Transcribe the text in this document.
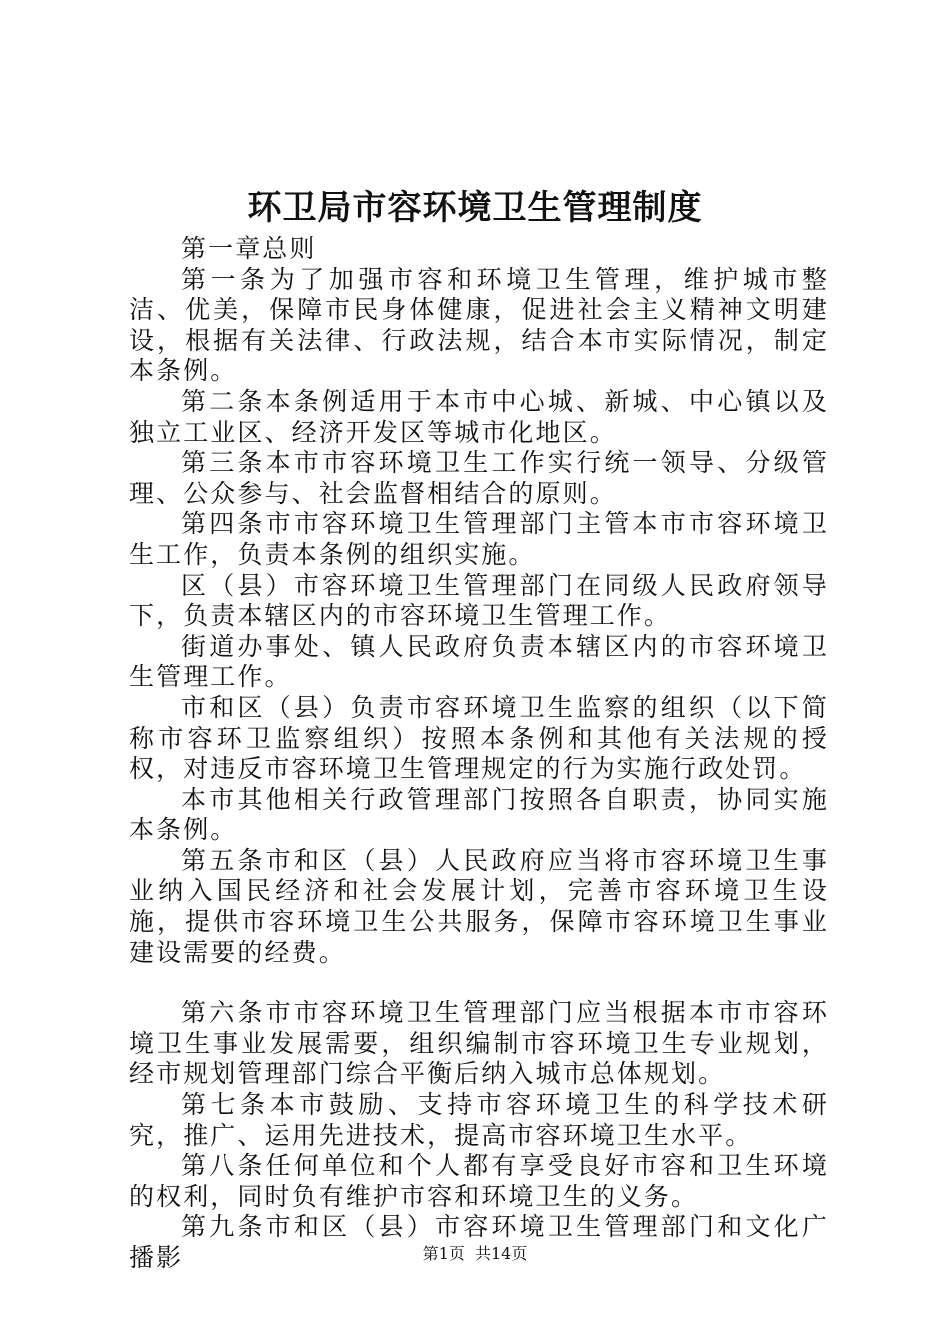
环卫局市容环境卫生管理制度

第一章总则

第一条为了加强市容和环境卫生管理，维护城市整洁、优美，保障市民身体健康，促进社会主义精神文明建设，根据有关法律、行政法规，结合本市实际情况，制定本条例。

第二条本条例适用于本市中心城、新城、中心镇以及独立工业区、经济开发区等城市化地区。

第三条本市市容环境卫生工作实行统一领导、分级管理、公众参与、社会监督相结合的原则。

第四条市市容环境卫生管理部门主管本市市容环境卫生工作，负责本条例的组织实施。

区（县）市容环境卫生管理部门在同级人民政府领导下，负责本辖区内的市容环境卫生管理工作。

街道办事处、镇人民政府负责本辖区内的市容环境卫生管理工作。

市和区（县）负责市容环境卫生监察的组织（以下简称市容环卫监察组织）按照本条例和其他有关法规的授权，对违反市容环境卫生管理规定的行为实施行政处罚。

本市其他相关行政管理部门按照各自职责，协同实施本条例。

第五条市和区（县）人民政府应当将市容环境卫生事业纳入国民经济和社会发展计划，完善市容环境卫生设施，提供市容环境卫生公共服务，保障市容环境卫生事业建设需要的经费。

第六条市市容环境卫生管理部门应当根据本市市容环境卫生事业发展需要，组织编制市容环境卫生专业规划，经市规划管理部门综合平衡后纳入城市总体规划。

第七条本市鼓励、支持市容环境卫生的科学技术研究，推广、运用先进技术，提高市容环境卫生水平。

第八条任何单位和个人都有享受良好市容和卫生环境的权利，同时负有维护市容和环境卫生的义务。

第九条市和区（县）市容环境卫生管理部门和文化广播影	第1页  共14页
